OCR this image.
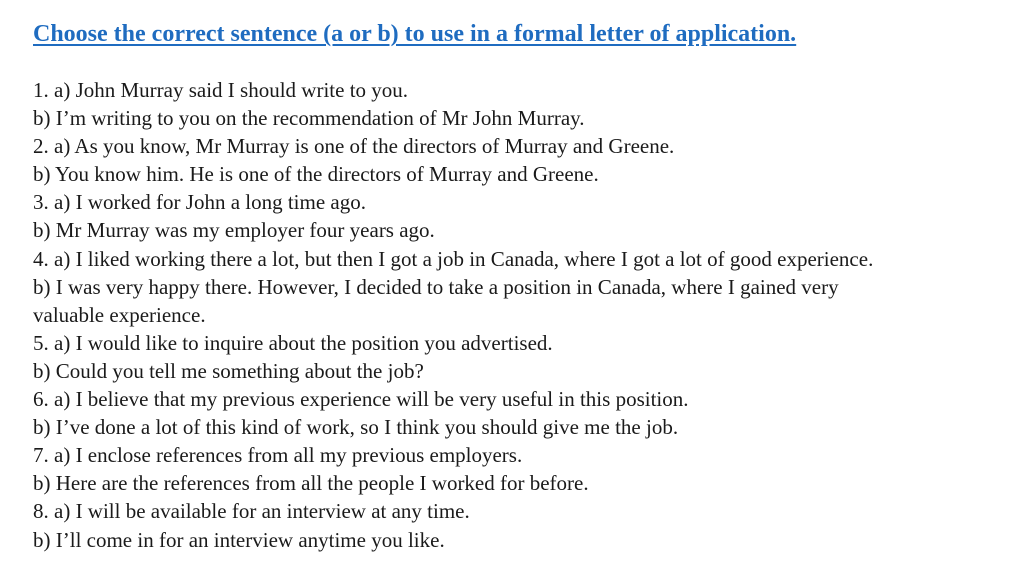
Choose the correct sentence (a or b) to use in a formal letter of application.

1. a) John Murray said I should write to you.

b) I’m writing to you on the recommendation of Mr John Murray.

2. a) As you know, Mr Murray is one of the directors of Murray and Greene.

b) You know him. He is one of the directors of Murray and Greene.

3. a) I worked for John a long time ago.

b) Mr Murray was my employer four years ago.

4. a) I liked working there a lot, but then I got a job in Canada, where I got a lot of good experience.

b) I was very happy there. However, I decided to take a position in Canada, where I gained very

valuable experience.

5. a) I would like to inquire about the position you advertised.

b) Could you tell me something about the job?

6. a) I believe that my previous experience will be very useful in this position.

b) I’ve done a lot of this kind of work, so I think you should give me the job.

7. a) I enclose references from all my previous employers.

b) Here are the references from all the people I worked for before.

8. a) I will be available for an interview at any time.

b) I’ll come in for an interview anytime you like.
